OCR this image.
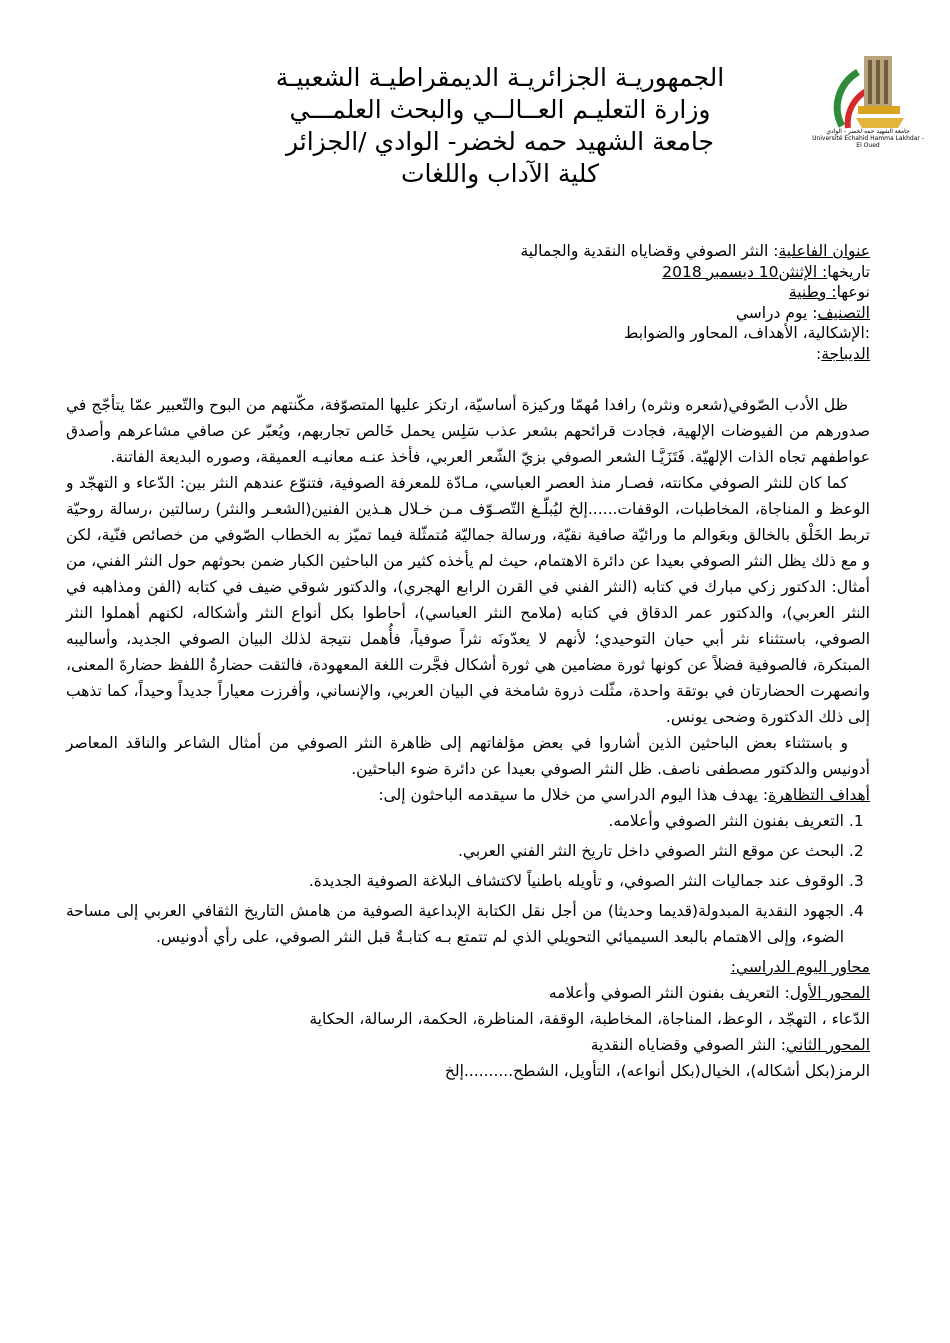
جامعة الشهيد حمه لخضر - الوادي Université Echahid Hamma Lakhdar - El Oued
الجمهوريـة الجزائريـة الديمقراطيـة الشعبيـة
وزارة التعليـم العــالــي والبحث العلمـــي
جامعة الشهيد حمه لخضر- الوادي /الجزائر
كلية الآداب واللغات
عنوان الفاعلية: النثر الصوفي وقضاياه النقدية والجمالية
تاريخها: الإثنثن10 ديسمبر 2018
نوعها: وطنية
التصنيف: يوم دراسي
:الإشكالية، الأهداف، المحاور والضوابط
الديباجة:

ظل الأدب الصّوفي(شعره ونثره) رافدا مُهمّا وركيزة أساسيّة، ارتكز عليها المتصوّفة، مكّنتهم من البوح والتّعبير عمّا يتأجّج في صدورهم من الفيوضات الإلهية، فجادت قرائحهم بشعر عذب سَلِس يحمل خَالص تجاربهم، ويُعبّر عن صافي مشاعرهم وأصدق عواطفهم تجاه الذات الإلهيّة. فَتَزَيَّـا الشعر الصوفي بزيّ الشّعر العربي، فأخذ عنـه معانيـه العميقة، وصوره البديعة الفاتنة.

كما كان للنثر الصوفي مكانته، فصـار منذ العصر العباسي، مـادّة للمعرفة الصوفية، فتنوّع عندهم النثر بين: الدّعاء و التهجّد و الوعظ و المناجاة، المخاطبات، الوقفات......إلخ ليُبلّـغ التّصـوّف مـن خـلال هـذين الفنين(الشعـر والنثر) رسالتين ،رسالة روحيّة تربط الخَلْق بالخالق وبعَوالم ما ورائيّة صافية نقيّة، ورسالة جماليّة مُتمثّلة فيما تميّز به الخطاب الصّوفي من خصائص فنّية، لكن و مع ذلك يظل النثر الصوفي بعيدا عن دائرة الاهتمام، حيث لم يأخذه كثير من الباحثين الكبار ضمن بحوثهم حول النثر الفني، من أمثال: الدكتور زكي مبارك في كتابه (النثر الفني في القرن الرابع الهجري)، والدكتور شوقي ضيف في كتابه (الفن ومذاهبه في النثر العربي)، والدكتور عمر الدقاق في كتابه (ملامح النثر العباسي)، أحاطوا بكل أنواع النثر وأشكاله، لكنهم أهملوا النثر الصوفي، باستثناء نثر أبي حيان التوحيدي؛ لأنهم لا يعدّونَه نثراً صوفياً، فأُهمل نتيجة لذلك البيان الصوفي الجديد، وأساليبه المبتكرة، فالصوفية فضلاً عن كونها ثورة مضامين هي ثورة أشكال فجَّرت اللغة المعهودة، فالتقت حضارةُ اللفظ حضارةَ المعنى، وانصهرت الحضارتان في بوتقة واحدة، مثّلت ذروة شامخة في البيان العربي، والإنساني، وأفرزت معياراً جديداً وحيداً، كما تذهب إلى ذلك الدكتورة وضحى يونس.

و باستثناء بعض الباحثين الذين أشاروا في بعض مؤلفاتهم إلى ظاهرة النثر الصوفي من أمثال الشاعر والناقد المعاصر أدونيس والدكتور مصطفى ناصف. ظل النثر الصوفي بعيدا عن دائرة ضوء الباحثين.

أهداف التظاهرة: يهدف هذا اليوم الدراسي من خلال ما سيقدمه الباحثون إلى:

1. التعريف بفنون النثر الصوفي وأعلامه.
2. البحث عن موقع النثر الصوفي داخل تاريخ النثر الفني العربي.
3. الوقوف عند جماليات النثر الصوفي، و تأويله باطنياً لاكتشاف البلاغة الصوفية الجديدة.
4. الجهود النقدية المبدولة(قديما وحديثا) من أجل نقل الكتابة الإبداعية الصوفية من هامش التاريخ الثقافي العربي إلى مساحة الضوء، وإلى الاهتمام بالبعد السيميائي التحويلي الذي لم تتمتع بـه كتابـةٌ قبل النثر الصوفي، على رأي أدونيس.

محاور اليوم الدراسي:

المحور الأول: التعريف بفنون النثر الصوفي وأعلامه

الدّعاء ، التهجّد ، الوعظ، المناجاة، المخاطبة، الوقفة، المناظرة، الحكمة، الرسالة، الحكاية

المحور الثاني: النثر الصوفي وقضاياه النقدية

الرمز(بكل أشكاله)، الخيال(بكل أنواعه)، التأويل، الشطح..........إلخ
